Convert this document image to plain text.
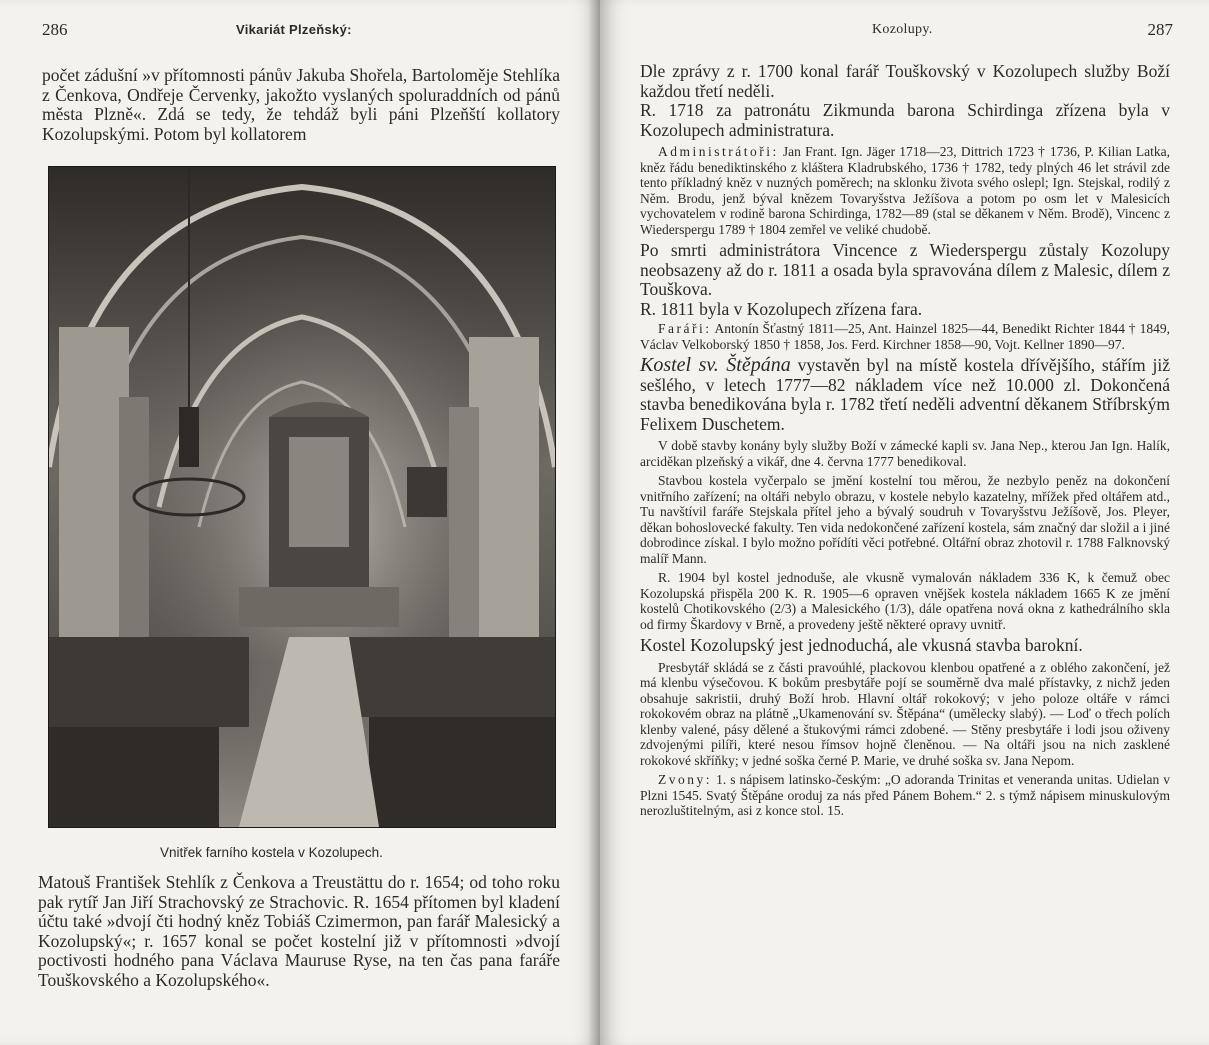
286	Vikariát Plzeňský:

počet zádušní »v přítomnosti pánův Jakuba Shořela, Bartoloměje Stehlíka z Čenkova, Ondřeje Červenky, jakožto vyslaných spoluraddních od pánů města Plzně«. Zdá se tedy, že tehdáž byli páni Plzeňští kollatory Kozolupskými. Potom byl kollatorem

Vnitřek farního kostela v Kozolupech.

Matouš František Stehlík z Čenkova a Treustättu do r. 1654; od toho roku pak rytíř Jan Jiří Strachovský ze Strachovic. R. 1654 přítomen byl kladení účtu také »dvojí čti hodný kněz Tobiáš Czimermon, pan farář Malesický a Kozolupský«; r. 1657 konal se počet kostelní již v přítomnosti »dvojí poctivosti hodného pana Václava Mauruse Ryse, na ten čas pana faráře Touškovského a Kozolupského«.

Kozolupy.	287

Dle zprávy z r. 1700 konal farář Touškovský v Kozolupech služby Boží každou třetí neděli.

R. 1718 za patronátu Zikmunda barona Schirdinga zřízena byla v Kozolupech administratura.

Administrátoři: Jan Frant. Ign. Jäger 1718—23, Dittrich 1723 † 1736, P. Kilian Latka, kněz řádu benediktinského z kláštera Kladrubského, 1736 † 1782, tedy plných 46 let strávil zde tento příkladný kněz v nuzných poměrech; na sklonku života svého oslepl; Ign. Stejskal, rodilý z Něm. Brodu, jenž býval knězem Tovaryšstva Ježíšova a potom po osm let v Malesicích vychovatelem v rodině barona Schirdinga, 1782—89 (stal se děkanem v Něm. Brodě), Vincenc z Wiederspergu 1789 † 1804 zemřel ve veliké chudobě.

Po smrti administrátora Vincence z Wiederspergu zůstaly Kozolupy neobsazeny až do r. 1811 a osada byla spravována dílem z Malesic, dílem z Touškova.

R. 1811 byla v Kozolupech zřízena fara.

Faráři: Antonín Šťastný 1811—25, Ant. Hainzel 1825—44, Benedikt Richter 1844 † 1849, Václav Velkoborský 1850 † 1858, Jos. Ferd. Kirchner 1858—90, Vojt. Kellner 1890—97.

Kostel sv. Štěpána vystavěn byl na místě kostela dřívějšího, stářím již sešlého, v letech 1777—82 nákladem více než 10.000 zl. Dokončená stavba benedikována byla r. 1782 třetí neděli adventní děkanem Stříbrským Felixem Duschetem.

V době stavby konány byly služby Boží v zámecké kapli sv. Jana Nep., kterou Jan Ign. Halík, arciděkan plzeňský a vikář, dne 4. června 1777 benedikoval.

Stavbou kostela vyčerpalo se jmění kostelní tou měrou, že nezbylo peněz na dokončení vnitřního zařízení; na oltáři nebylo obrazu, v kostele nebylo kazatelny, mřížek před oltářem atd., Tu navštívil faráře Stejskala přítel jeho a bývalý soudruh v Tovaryšstvu Ježíšově, Jos. Pleyer, děkan bohoslovecké fakulty. Ten vida nedokončené zařízení kostela, sám značný dar složil a i jiné dobrodince získal. I bylo možno pořídíti věci potřebné. Oltářní obraz zhotovil r. 1788 Falknovský malíř Mann.

R. 1904 byl kostel jednoduše, ale vkusně vymalován nákladem 336 K, k čemuž obec Kozolupská přispěla 200 K. R. 1905—6 opraven vnějšek kostela nákladem 1665 K ze jmění kostelů Chotikovského (2/3) a Malesického (1/3), dále opatřena nová okna z kathedrálního skla od firmy Škardovy v Brně, a provedeny ještě některé opravy uvnitř.

Kostel Kozolupský jest jednoduchá, ale vkusná stavba barokní.

Presbytář skládá se z části pravoúhlé, plackovou klenbou opatřené a z oblého zakončení, jež má klenbu výsečovou. K bokům presbytáře pojí se souměrně dva malé přístavky, z nichž jeden obsahuje sakristii, druhý Boží hrob. Hlavní oltář rokokový; v jeho poloze oltáře v rámci rokokovém obraz na plátně „Ukamenování sv. Štěpána“ (umělecky slabý). — Loď o třech polích klenby valené, pásy dělené a štukovými rámci zdobené. — Stěny presbytáře i lodi jsou oživeny zdvojenými pilíři, které nesou římsov hojně členěnou. — Na oltáři jsou na nich zasklené rokokové skříňky; v jedné soška černé P. Marie, ve druhé soška sv. Jana Nepom.

Zvony: 1. s nápisem latinsko-českým: „O adoranda Trinitas et veneranda unitas. Udielan v Plzni 1545. Svatý Štěpáne oroduj za nás před Pánem Bohem.“ 2. s týmž nápisem minuskulovým nerozluštitelným, asi z konce stol. 15.
